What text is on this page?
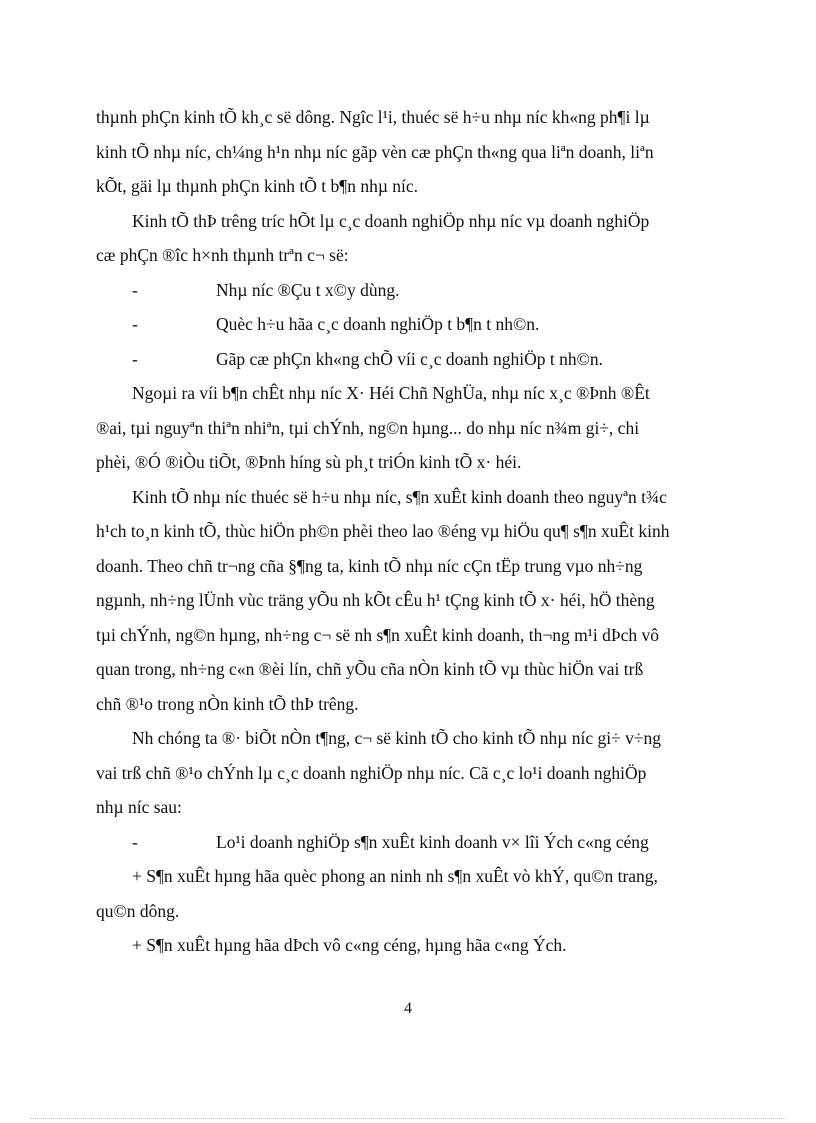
thµnh phÇn kinh tÕ kh¸c së dông. Ngîc l¹i, thuéc së h÷u nhµ níc kh«ng ph¶i lµ
kinh tÕ nhµ níc, ch¼ng h¹n nhµ níc gãp vèn cæ phÇn th«ng qua liªn doanh, liªn
kÕt, gäi lµ thµnh phÇn kinh tÕ t b¶n nhµ níc.
Kinh tÕ thÞ trêng tríc hÕt lµ c¸c doanh nghiÖp nhµ níc vµ doanh nghiÖp
cæ phÇn ®îc h×nh thµnh trªn c¬ së:
-	Nhµ níc ®Çu t x©y dùng.
-	Quèc h÷u hãa c¸c doanh nghiÖp t b¶n t nh©n.
-	Gãp cæ phÇn kh«ng chÕ víi c¸c doanh nghiÖp t nh©n.
Ngoµi ra víi b¶n chÊt nhµ níc X· Héi Chñ NghÜa, nhµ níc x¸c ®Þnh ®Êt
®ai, tµi nguyªn thiªn nhiªn, tµi chÝnh, ng©n hµng... do nhµ níc n¾m gi÷, chi
phèi, ®Ó ®iÒu tiÕt, ®Þnh híng sù ph¸t triÓn kinh tÕ x· héi.
Kinh tÕ nhµ níc thuéc së h÷u nhµ níc, s¶n xuÊt kinh doanh theo nguyªn t¾c
h¹ch to¸n kinh tÕ, thùc hiÖn ph©n phèi theo lao ®éng vµ hiÖu qu¶ s¶n xuÊt kinh
doanh. Theo chñ tr¬ng cña §¶ng ta, kinh tÕ nhµ níc cÇn tËp trung vµo nh÷ng
ngµnh, nh÷ng lÜnh vùc träng yÕu nh kÕt cÊu h¹ tÇng kinh tÕ x· héi, hÖ thèng
tµi chÝnh, ng©n hµng, nh÷ng c¬ së nh s¶n xuÊt kinh doanh, th¬ng m¹i dÞch vô
quan trong, nh÷ng c«n ®èi lín, chñ yÕu cña nÒn kinh tÕ vµ thùc hiÖn vai trß
chñ ®¹o trong nÒn kinh tÕ thÞ trêng.
Nh chóng ta ®· biÕt nÒn t¶ng, c¬ së kinh tÕ cho kinh tÕ nhµ níc gi÷ v÷ng
vai trß chñ ®¹o chÝnh lµ c¸c doanh nghiÖp nhµ níc. Cã c¸c lo¹i doanh nghiÖp
nhµ níc sau:
-	Lo¹i doanh nghiÖp s¶n xuÊt kinh doanh v× lîi Ých c«ng céng
+ S¶n xuÊt hµng hãa quèc phong an ninh nh s¶n xuÊt vò khÝ, qu©n trang,
qu©n dông.
+ S¶n xuÊt hµng hãa dÞch vô c«ng céng, hµng hãa c«ng Ých.
4
